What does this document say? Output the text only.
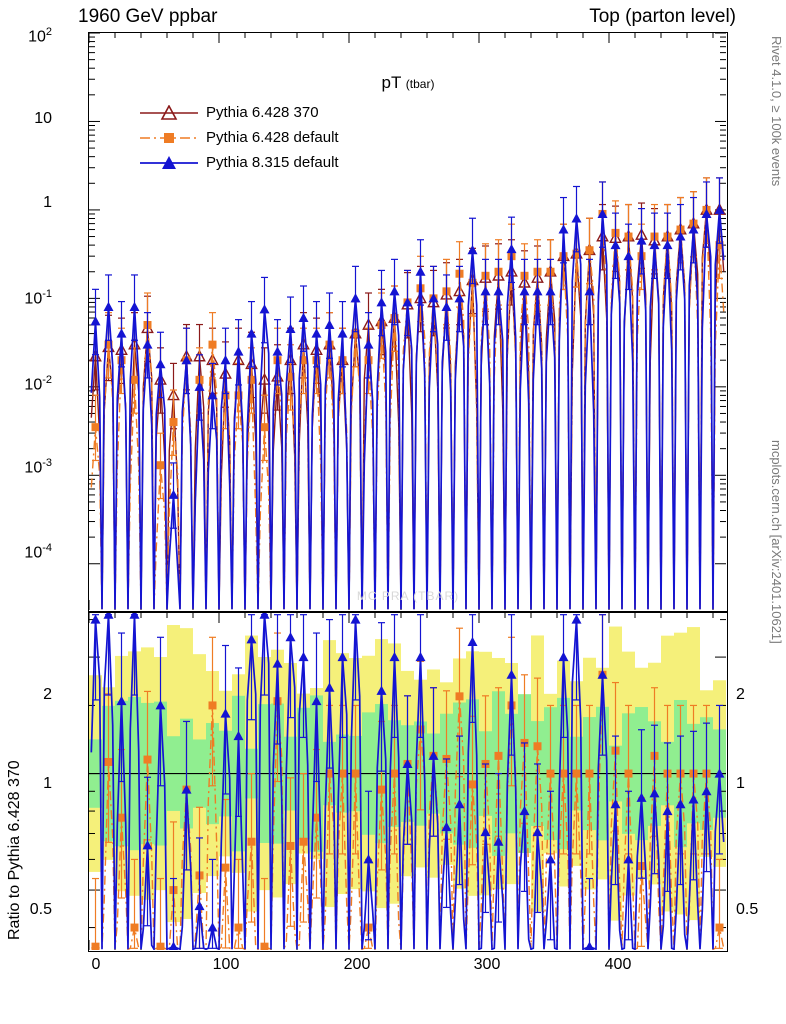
1960 GeV ppbar	Top (parton level)
Rivet 4.1.0, ≥ 100k events
mcplots.cern.ch [arXiv:2401.10621]
pT (tbar)
MC PRA (TBAR)
$10^2$
10
1
$10^{-1}$
$10^{-2}$
$10^{-3}$
$10^{-4}$
Pythia 6.428 370
Pythia 6.428 default
Pythia 8.315 default
Ratio to Pythia 6.428 370
2
1
0.5
2
1
0.5
0	100	200	300	400
